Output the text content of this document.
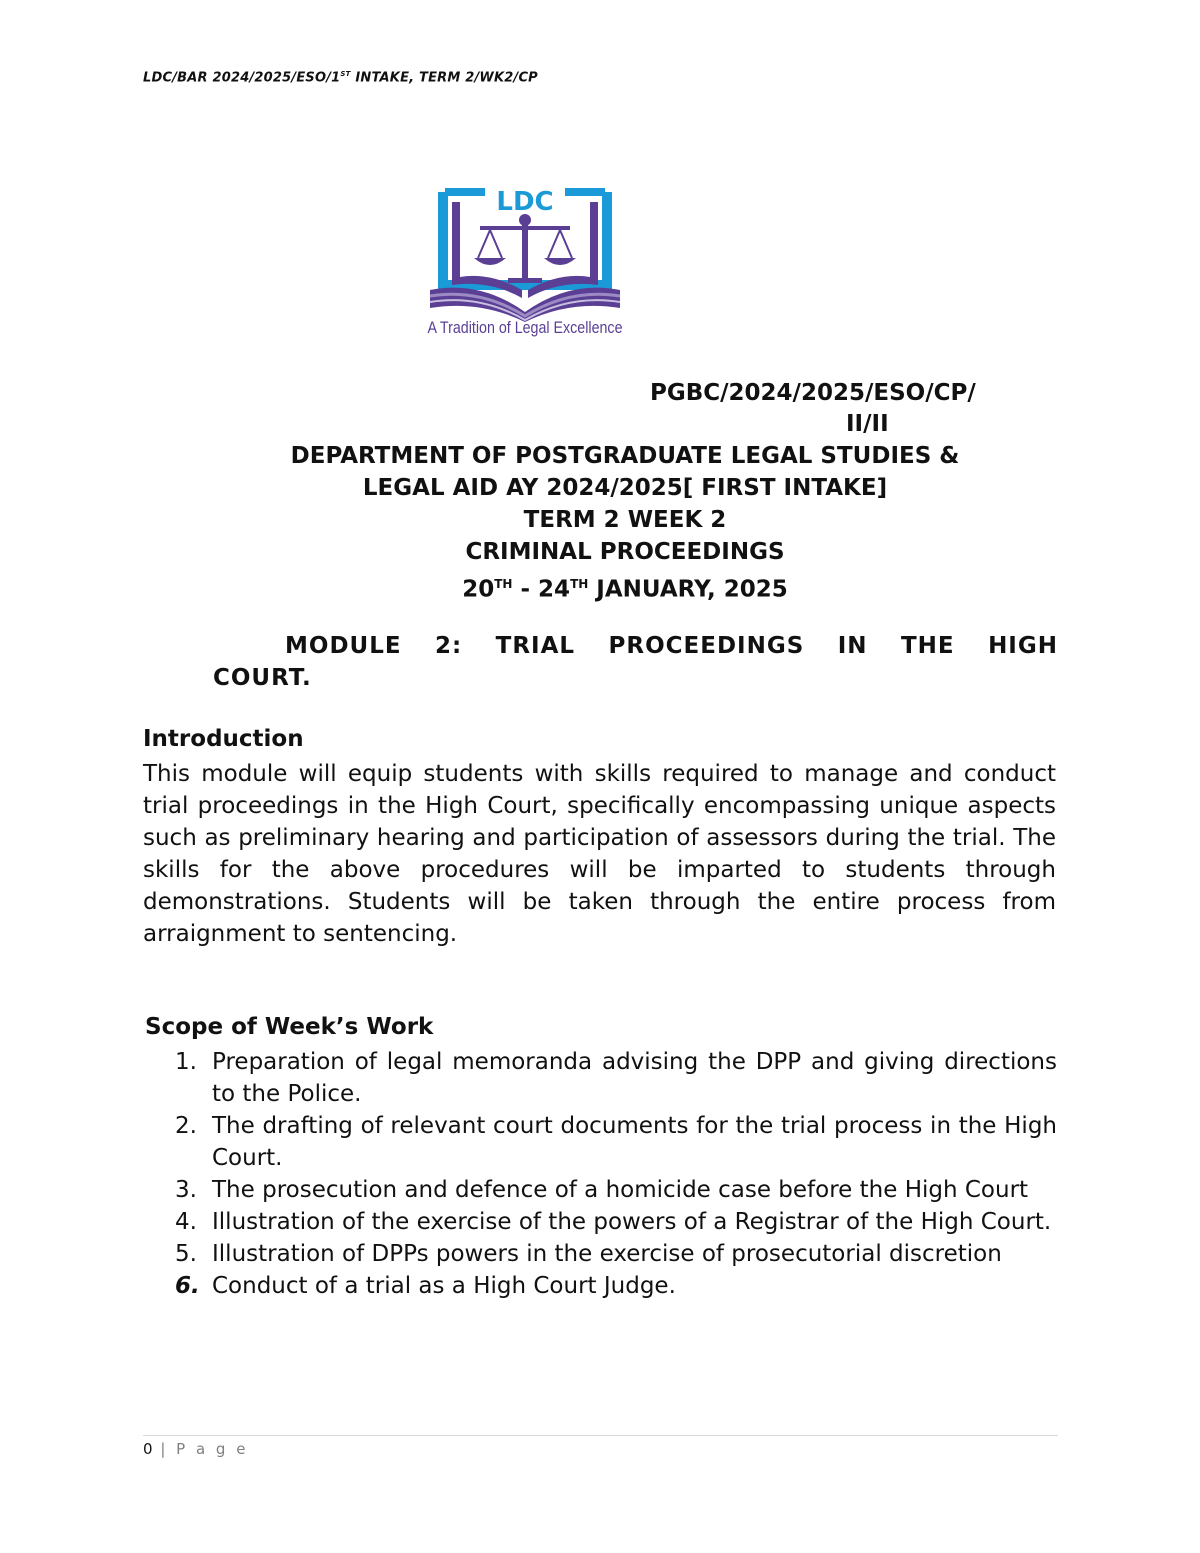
LDC/BAR 2024/2025/ESO/1ST INTAKE, TERM 2/WK2/CP
LDC
A Tradition of Legal Excellence
PGBC/2024/2025/ESO/CP/
II/II
DEPARTMENT OF POSTGRADUATE LEGAL STUDIES &
LEGAL AID AY 2024/2025[ FIRST INTAKE]
TERM 2 WEEK 2
CRIMINAL PROCEEDINGS
20TH - 24TH JANUARY, 2025
MODULE 2: TRIAL PROCEEDINGS IN THE HIGH
COURT.
Introduction
This module will equip students with skills required to manage and conduct trial proceedings in the High Court, specifically encompassing unique aspects such as preliminary hearing and participation of assessors during the trial. The skills for the above procedures will be imparted to students through demonstrations. Students will be taken through the entire process from arraignment to sentencing.
Scope of Week’s Work
1. Preparation of legal memoranda advising the DPP and giving directions to the Police.
2. The drafting of relevant court documents for the trial process in the High Court.
3. The prosecution and defence of a homicide case before the High Court
4. Illustration of the exercise of the powers of a Registrar of the High Court.
5. Illustration of DPPs powers in the exercise of prosecutorial discretion
6. Conduct of a trial as a High Court Judge.
0 | P a g e
